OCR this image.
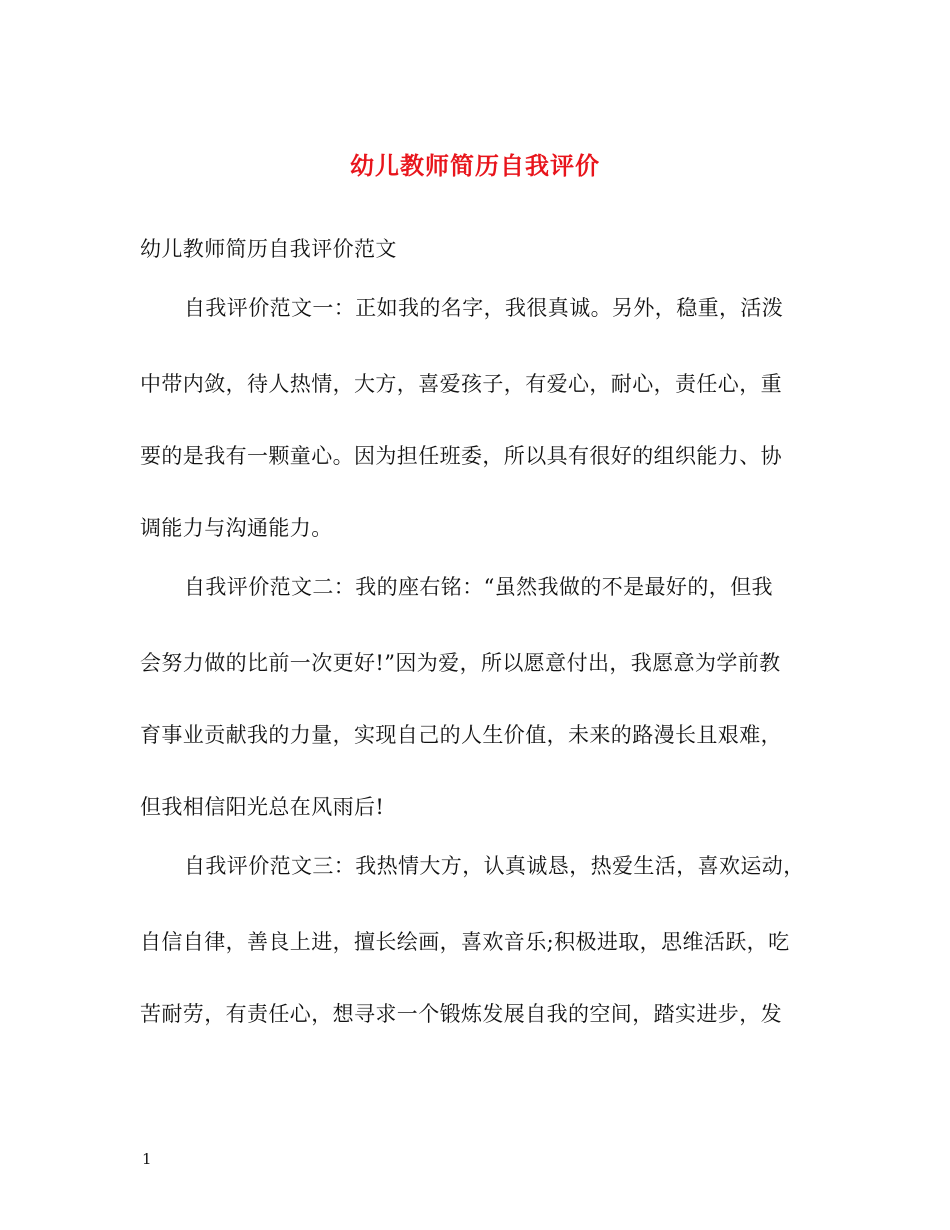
幼儿教师简历自我评价
幼儿教师简历自我评价范文
自我评价范文一：正如我的名字，我很真诚。另外，稳重，活泼
中带内敛，待人热情，大方，喜爱孩子，有爱心，耐心，责任心，重
要的是我有一颗童心。因为担任班委，所以具有很好的组织能力、协
调能力与沟通能力。
自我评价范文二：我的座右铭：“虽然我做的不是最好的，但我
会努力做的比前一次更好!”因为爱，所以愿意付出，我愿意为学前教
育事业贡献我的力量，实现自己的人生价值，未来的路漫长且艰难，
但我相信阳光总在风雨后!
自我评价范文三：我热情大方，认真诚恳，热爱生活，喜欢运动，
自信自律，善良上进，擅长绘画，喜欢音乐;积极进取，思维活跃，吃
苦耐劳，有责任心，想寻求一个锻炼发展自我的空间，踏实进步，发
1
